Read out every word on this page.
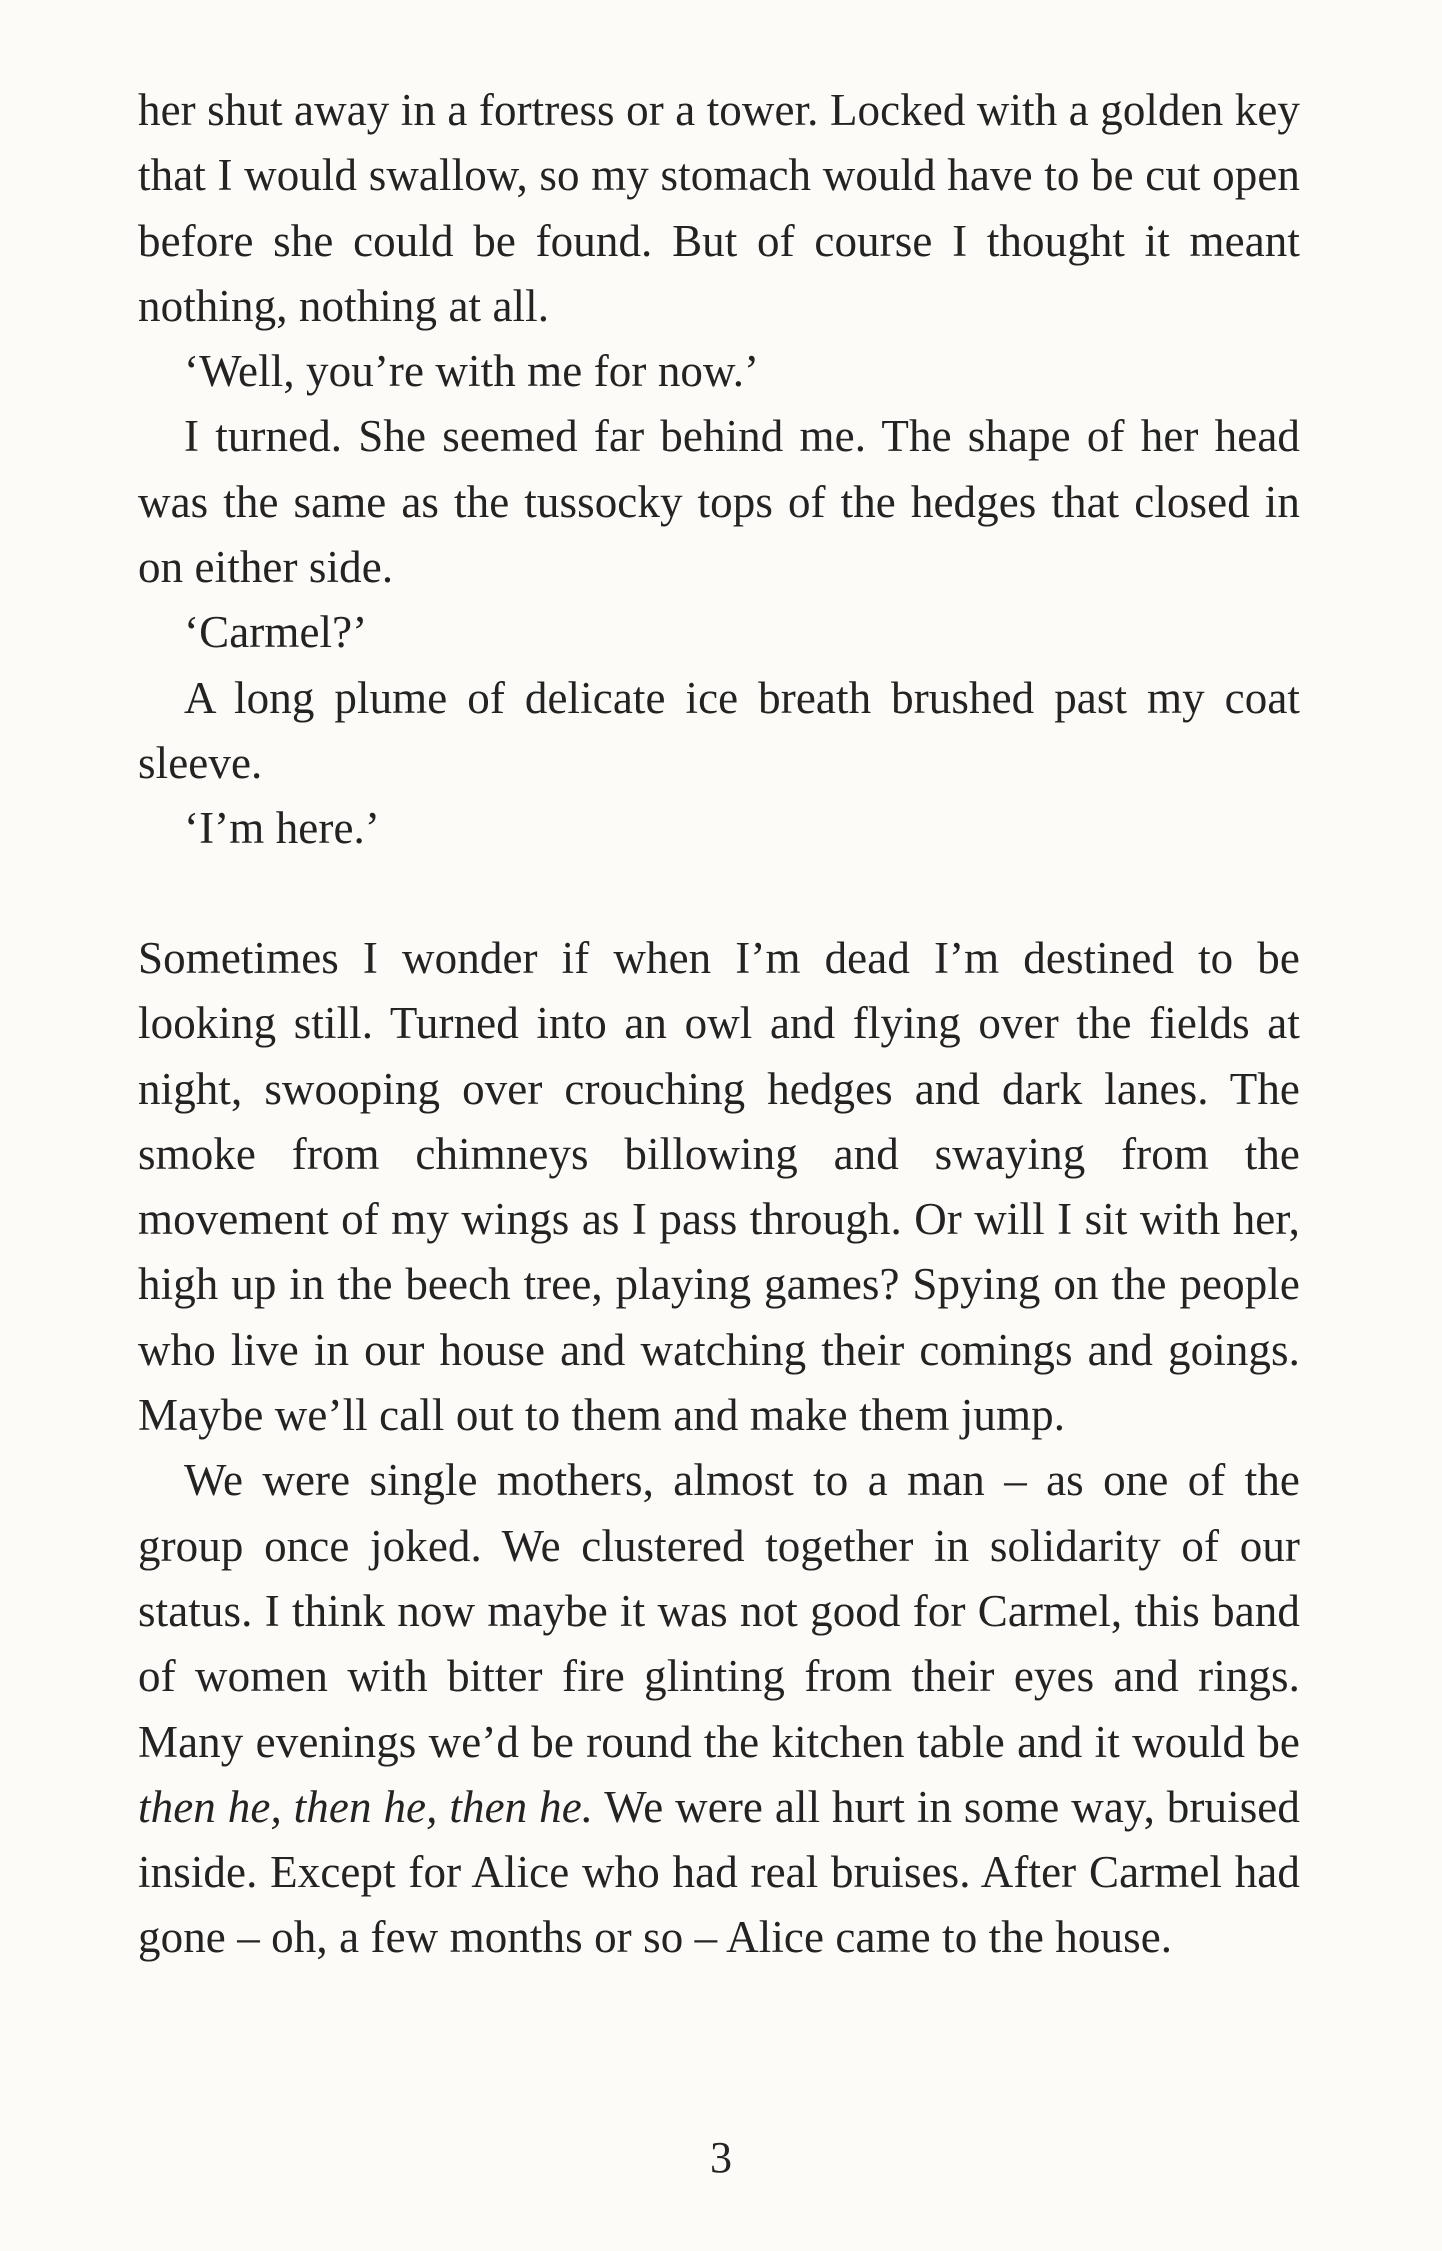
her shut away in a fortress or a tower. Locked with a golden key that I would swallow, so my stomach would have to be cut open before she could be found. But of course I thought it meant nothing, nothing at all.

‘Well, you’re with me for now.’

I turned. She seemed far behind me. The shape of her head was the same as the tussocky tops of the hedges that closed in on either side.

‘Carmel?’

A long plume of delicate ice breath brushed past my coat sleeve.

‘I’m here.’

Sometimes I wonder if when I’m dead I’m destined to be looking still. Turned into an owl and flying over the fields at night, swooping over crouching hedges and dark lanes. The smoke from chimneys billowing and swaying from the movement of my wings as I pass through. Or will I sit with her, high up in the beech tree, playing games? Spying on the people who live in our house and watching their comings and goings. Maybe we’ll call out to them and make them jump.

We were single mothers, almost to a man – as one of the group once joked. We clustered together in solidarity of our status. I think now maybe it was not good for Carmel, this band of women with bitter fire glinting from their eyes and rings. Many evenings we’d be round the kitchen table and it would be then he, then he, then he. We were all hurt in some way, bruised inside. Except for Alice who had real bruises. After Carmel had gone – oh, a few months or so – Alice came to the house.

3
